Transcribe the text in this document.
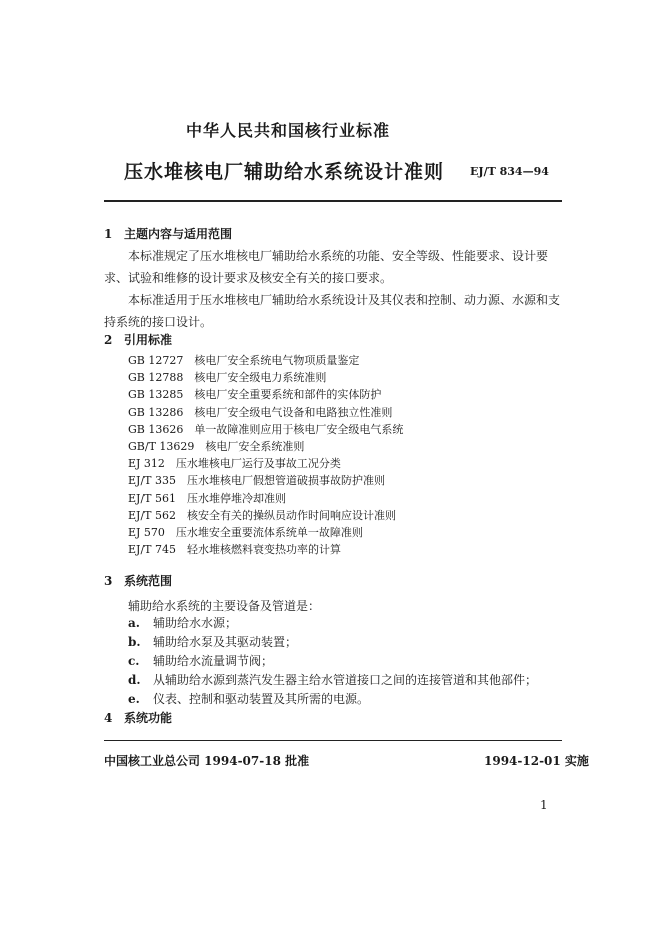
中华人民共和国核行业标准
压水堆核电厂辅助给水系统设计准则 EJ/T 834—94
1 主题内容与适用范围
本标准规定了压水堆核电厂辅助给水系统的功能、安全等级、性能要求、设计要求、试验和维修的设计要求及核安全有关的接口要求。
本标准适用于压水堆核电厂辅助给水系统设计及其仪表和控制、动力源、水源和支持系统的接口设计。
2 引用标准
GB 12727　核电厂安全系统电气物项质量鉴定
GB 12788　核电厂安全级电力系统准则
GB 13285　核电厂安全重要系统和部件的实体防护
GB 13286　核电厂安全级电气设备和电路独立性准则
GB 13626　单一故障准则应用于核电厂安全级电气系统
GB/T 13629　核电厂安全系统准则
EJ 312　压水堆核电厂运行及事故工况分类
EJ/T 335　压水堆核电厂假想管道破损事故防护准则
EJ/T 561　压水堆停堆冷却准则
EJ/T 562　核安全有关的操纵员动作时间响应设计准则
EJ 570　压水堆安全重要流体系统单一故障准则
EJ/T 745　轻水堆核燃料衰变热功率的计算
3 系统范围
辅助给水系统的主要设备及管道是：
a. 辅助给水水源；
b. 辅助给水泵及其驱动装置；
c. 辅助给水流量调节阀；
d. 从辅助给水源到蒸汽发生器主给水管道接口之间的连接管道和其他部件；
e. 仪表、控制和驱动装置及其所需的电源。
4 系统功能
中国核工业总公司 1994-07-18 批准	1994-12-01 实施
1
